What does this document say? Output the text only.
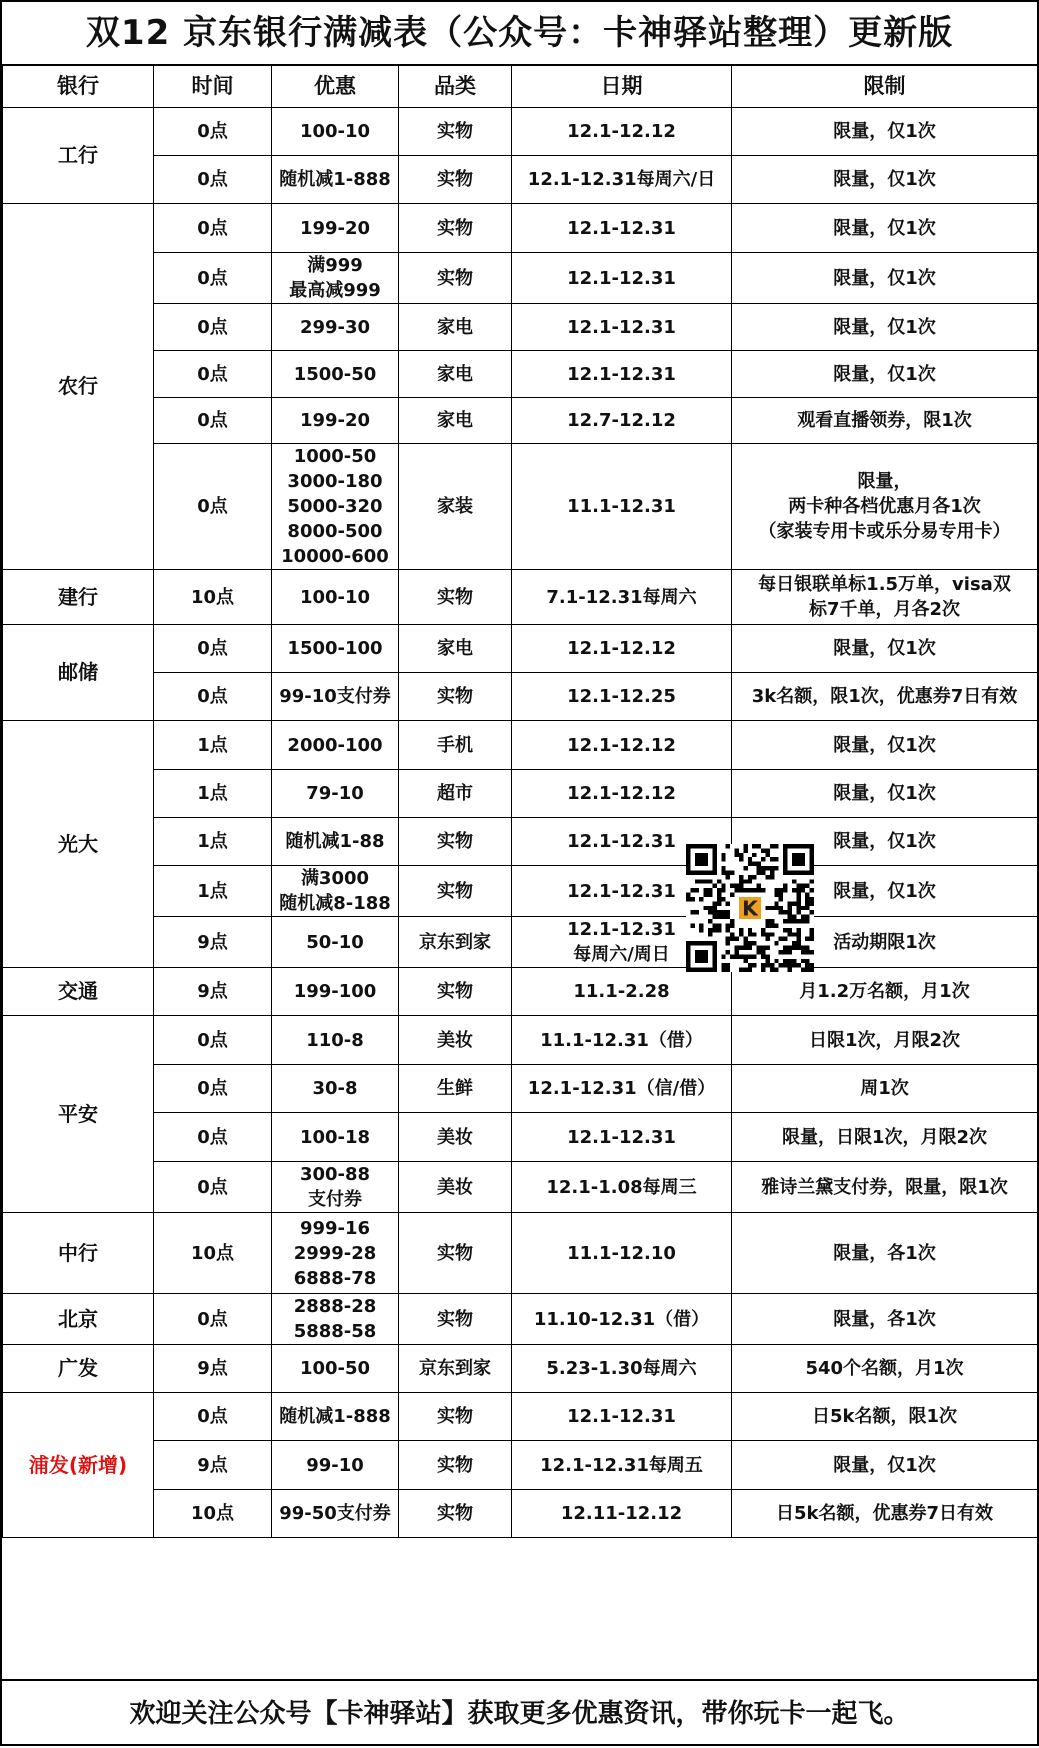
双12 京东银行满减表（公众号：卡神驿站整理）更新版
银行	时间	优惠	品类	日期	限制
工行	0点	100-10	实物	12.1-12.12	限量，仅1次

	0点	随机减1-888	实物	12.1-12.31每周六/日	限量，仅1次

农行	0点	199-20	实物	12.1-12.31	限量，仅1次

	0点	满999
最高减999	实物	12.1-12.31	限量，仅1次

	0点	299-30	家电	12.1-12.31	限量，仅1次

	0点	1500-50	家电	12.1-12.31	限量，仅1次

	0点	199-20	家电	12.7-12.12	观看直播领券，限1次

	0点	1000-50
3000-180
5000-320
8000-500
10000-600	家装	11.1-12.31	限量，
两卡种各档优惠月各1次
（家装专用卡或乐分易专用卡）

建行	10点	100-10	实物	7.1-12.31每周六	每日银联单标1.5万单，visa双
标7千单，月各2次

邮储	0点	1500-100	家电	12.1-12.12	限量，仅1次

	0点	99-10支付券	实物	12.1-12.25	3k名额，限1次，优惠券7日有效

光大	1点	2000-100	手机	12.1-12.12	限量，仅1次

	1点	79-10	超市	12.1-12.12	限量，仅1次

	1点	随机减1-88	实物	12.1-12.31	限量，仅1次

	1点	满3000
随机减8-188	实物	12.1-12.31	限量，仅1次

	9点	50-10	京东到家	12.1-12.31
每周六/周日	活动期限1次

交通	9点	199-100	实物	11.1-2.28	月1.2万名额，月1次

平安	0点	110-8	美妆	11.1-12.31（借）	日限1次，月限2次

	0点	30-8	生鲜	12.1-12.31（信/借）	周1次

	0点	100-18	美妆	12.1-12.31	限量，日限1次，月限2次

	0点	300-88
支付券	美妆	12.1-1.08每周三	雅诗兰黛支付券，限量，限1次

中行	10点	999-16
2999-28
6888-78	实物	11.1-12.10	限量，各1次

北京	0点	2888-28
5888-58	实物	11.10-12.31（借）	限量，各1次

广发	9点	100-50	京东到家	5.23-1.30每周六	540个名额，月1次

浦发(新增)	0点	随机减1-888	实物	12.1-12.31	日5k名额，限1次

	9点	99-10	实物	12.1-12.31每周五	限量，仅1次

	10点	99-50支付券	实物	12.11-12.12	日5k名额，优惠券7日有效
K
欢迎关注公众号【卡神驿站】获取更多优惠资讯，带你玩卡一起飞。
